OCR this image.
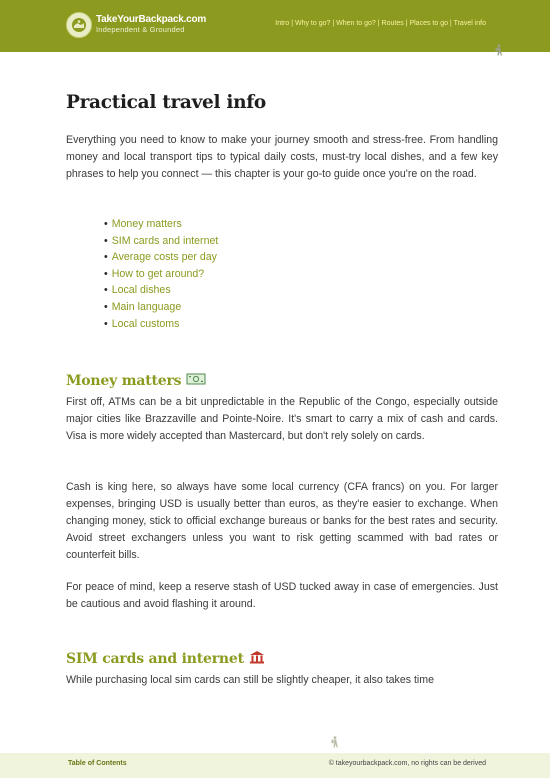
TakeYourBackpack.com
Independent & Grounded
Intro | Why to go? | When to go? | Routes | Places to go | Travel info
Practical travel info

Everything you need to know to make your journey smooth and stress-free. From handling money and local transport tips to typical daily costs, must-try local dishes, and a few key phrases to help you connect — this chapter is your go-to guide once you're on the road.

• Money matters
• SIM cards and internet
• Average costs per day
• How to get around?
• Local dishes
• Main language
• Local customs
Money matters

First off, ATMs can be a bit unpredictable in the Republic of the Congo, especially outside major cities like Brazzaville and Pointe-Noire. It's smart to carry a mix of cash and cards. Visa is more widely accepted than Mastercard, but don't rely solely on cards.

Cash is king here, so always have some local currency (CFA francs) on you. For larger expenses, bringing USD is usually better than euros, as they're easier to exchange. When changing money, stick to official exchange bureaus or banks for the best rates and security. Avoid street exchangers unless you want to risk getting scammed with bad rates or counterfeit bills.

For peace of mind, keep a reserve stash of USD tucked away in case of emergencies. Just be cautious and avoid flashing it around.

SIM cards and internet

While purchasing local sim cards can still be slightly cheaper, it also takes time

Table of Contents	© takeyourbackpack.com, no rights can be derived
